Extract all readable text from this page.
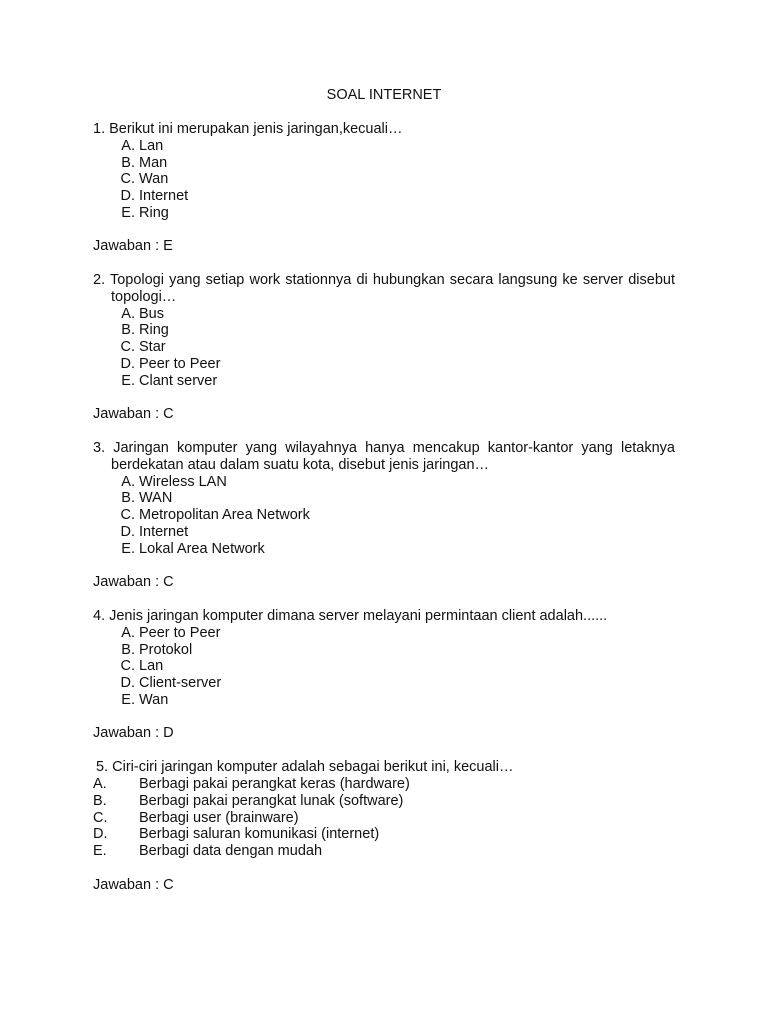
SOAL INTERNET

1. Berikut ini merupakan jenis jaringan,kecuali…

A. Lan
B. Man
C. Wan
D. Internet
E. Ring
Jawaban : E

2. Topologi yang setiap work stationnya di hubungkan secara langsung ke server disebut topologi…

A. Bus
B. Ring
C. Star
D. Peer to Peer
E. Clant server
Jawaban : C

3. Jaringan komputer yang wilayahnya hanya mencakup kantor-kantor yang letaknya berdekatan atau dalam suatu kota, disebut jenis jaringan…

A. Wireless LAN
B. WAN
C. Metropolitan Area Network
D. Internet
E. Lokal Area Network
Jawaban : C

4. Jenis jaringan komputer dimana server melayani permintaan client adalah......

A. Peer to Peer
B. Protokol
C. Lan
D. Client-server
E. Wan
Jawaban : D

5. Ciri-ciri jaringan komputer adalah sebagai berikut ini, kecuali…

A.	Berbagi pakai perangkat keras (hardware)
B.	Berbagi pakai perangkat lunak (software)
C.	Berbagi user (brainware)
D.	Berbagi saluran komunikasi (internet)
E.	Berbagi data dengan mudah
Jawaban : C
